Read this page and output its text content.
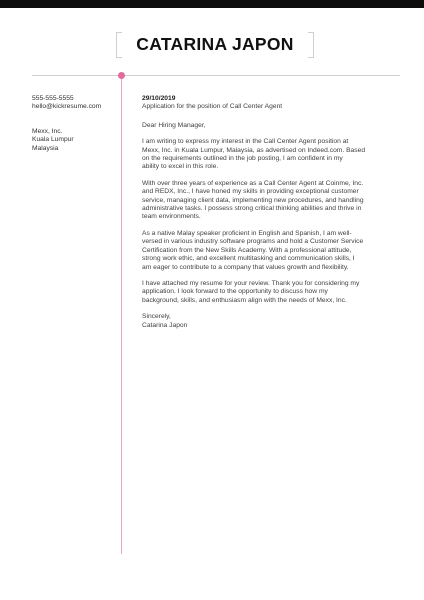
CATARINA JAPON
555-555-5555
hello@kickresume.com
Mexx, Inc.
Kuala Lumpur
Malaysia
29/10/2019
Application for the position of Call Center Agent
Dear Hiring Manager,
I am writing to express my interest in the Call Center Agent position at
Mexx, Inc. in Kuala Lumpur, Malaysia, as advertised on Indeed.com. Based
on the requirements outlined in the job posting, I am confident in my
ability to excel in this role.
With over three years of experience as a Call Center Agent at Coinme, Inc.
and REDX, Inc., I have honed my skills in providing exceptional customer
service, managing client data, implementing new procedures, and handling
administrative tasks. I possess strong critical thinking abilities and thrive in
team environments.
As a native Malay speaker proficient in English and Spanish, I am well-
versed in various industry software programs and hold a Customer Service
Certification from the New Skills Academy. With a professional attitude,
strong work ethic, and excellent multitasking and communication skills, I
am eager to contribute to a company that values growth and flexibility.
I have attached my resume for your review. Thank you for considering my
application. I look forward to the opportunity to discuss how my
background, skills, and enthusiasm align with the needs of Mexx, Inc.
Sincerely,
Catarina Japon
